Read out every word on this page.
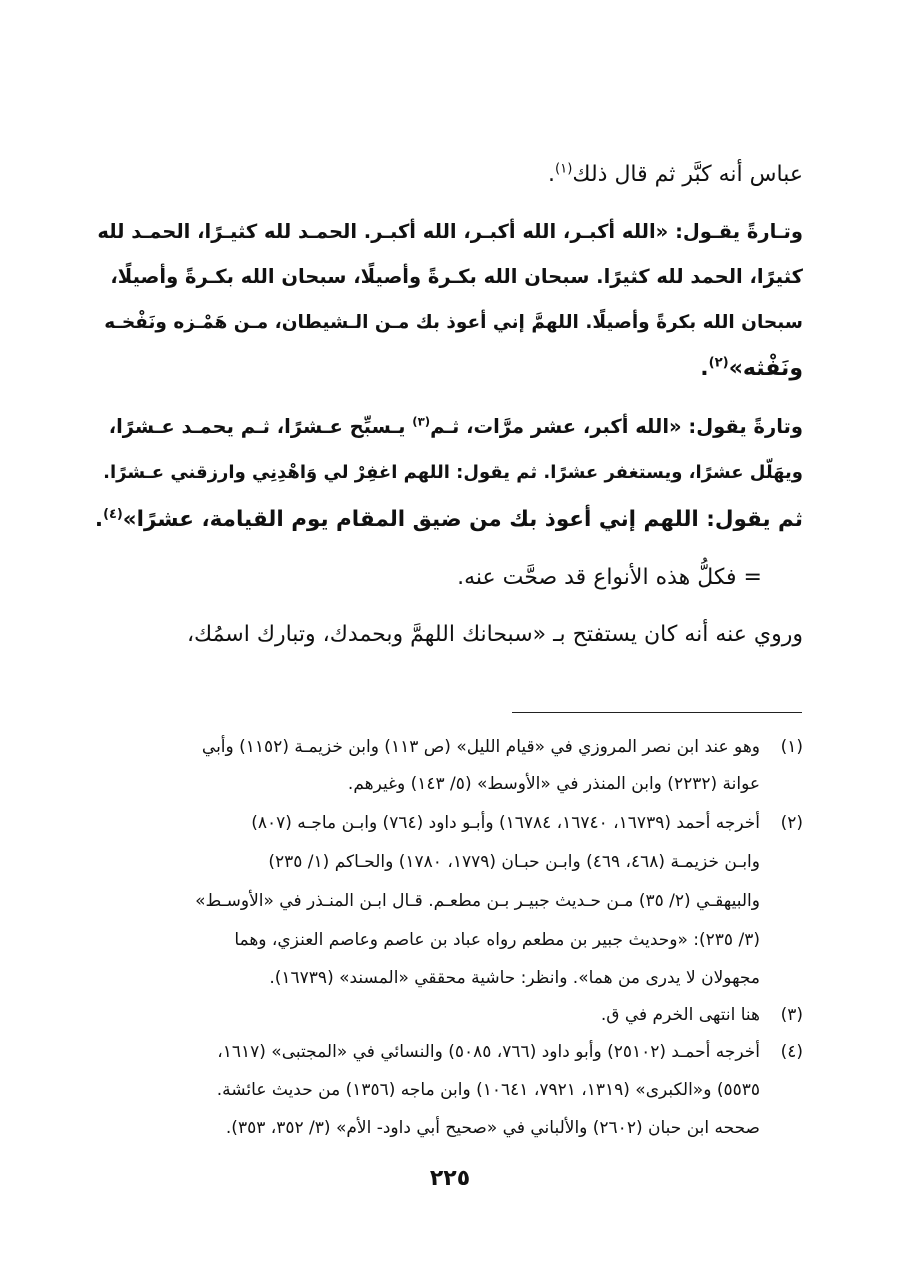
عباس أنه كبَّر ثم قال ذلك$^{(١)}$.
وتـارةً يقـول: «الله أكبـر، الله أكبـر، الله أكبـر. الحمـد لله كثيـرًا، الحمـد لله
كثيرًا، الحمد لله كثيرًا. سبحان الله بكـرةً وأصيلًا، سبحان الله بكـرةً وأصيلًا،
سبحان الله بكرةً وأصيلًا. اللهمَّ إني أعوذ بك مـن الـشيطان، مـن هَمْـزه ونَفْخـه
ونَفْثه»$^{(٢)}$.
وتارةً يقول: «الله أكبر، عشر مرَّات، ثـم$^{(٣)}$ يـسبِّح عـشرًا، ثـم يحمـد عـشرًا،
ويهَلّل عشرًا، ويستغفر عشرًا. ثم يقول: اللهم اغفِرْ لي وَاهْدِنِي وارزقني عـشرًا.
ثم يقول: اللهم إني أعوذ بك من ضيق المقام يوم القيامة، عشرًا»$^{(٤)}$.
= فكلُّ هذه الأنواع قد صحَّت عنه.
وروي عنه أنه كان يستفتح بـ «سبحانك اللهمَّ وبحمدك، وتبارك اسمُك،
(١)
وهو عند ابن نصر المروزي في «قيام الليل» (ص ١١٣) وابن خزيمـة (١١٥٢) وأبي
عوانة (٢٢٣٢) وابن المنذر في «الأوسط» (٥/ ١٤٣) وغيرهم.
(٢)
أخرجه أحمد (١٦٧٣٩، ١٦٧٤٠، ١٦٧٨٤) وأبـو داود (٧٦٤) وابـن ماجـه (٨٠٧)
وابـن خزيمـة (٤٦٨، ٤٦٩) وابـن حبـان (١٧٧٩، ١٧٨٠) والحـاكم (١/ ٢٣٥)
والبيهقـي (٢/ ٣٥) مـن حـديث جبيـر بـن مطعـم. قـال ابـن المنـذر في «الأوسـط»
(٣/ ٢٣٥): «وحديث جبير بن مطعم رواه عباد بن عاصم وعاصم العنزي، وهما
مجهولان لا يدرى من هما». وانظر: حاشية محققي «المسند» (١٦٧٣٩).
(٣)
هنا انتهى الخرم في ق.
(٤)
أخرجه أحمـد (٢٥١٠٢) وأبو داود (٧٦٦، ٥٠٨٥) والنسائي في «المجتبى» (١٦١٧،
٥٥٣٥) و«الكبرى» (١٣١٩، ٧٩٢١، ١٠٦٤١) وابن ماجه (١٣٥٦) من حديث عائشة.
صححه ابن حبان (٢٦٠٢) والألباني في «صحيح أبي داود- الأم» (٣/ ٣٥٢، ٣٥٣).
٢٢٥
